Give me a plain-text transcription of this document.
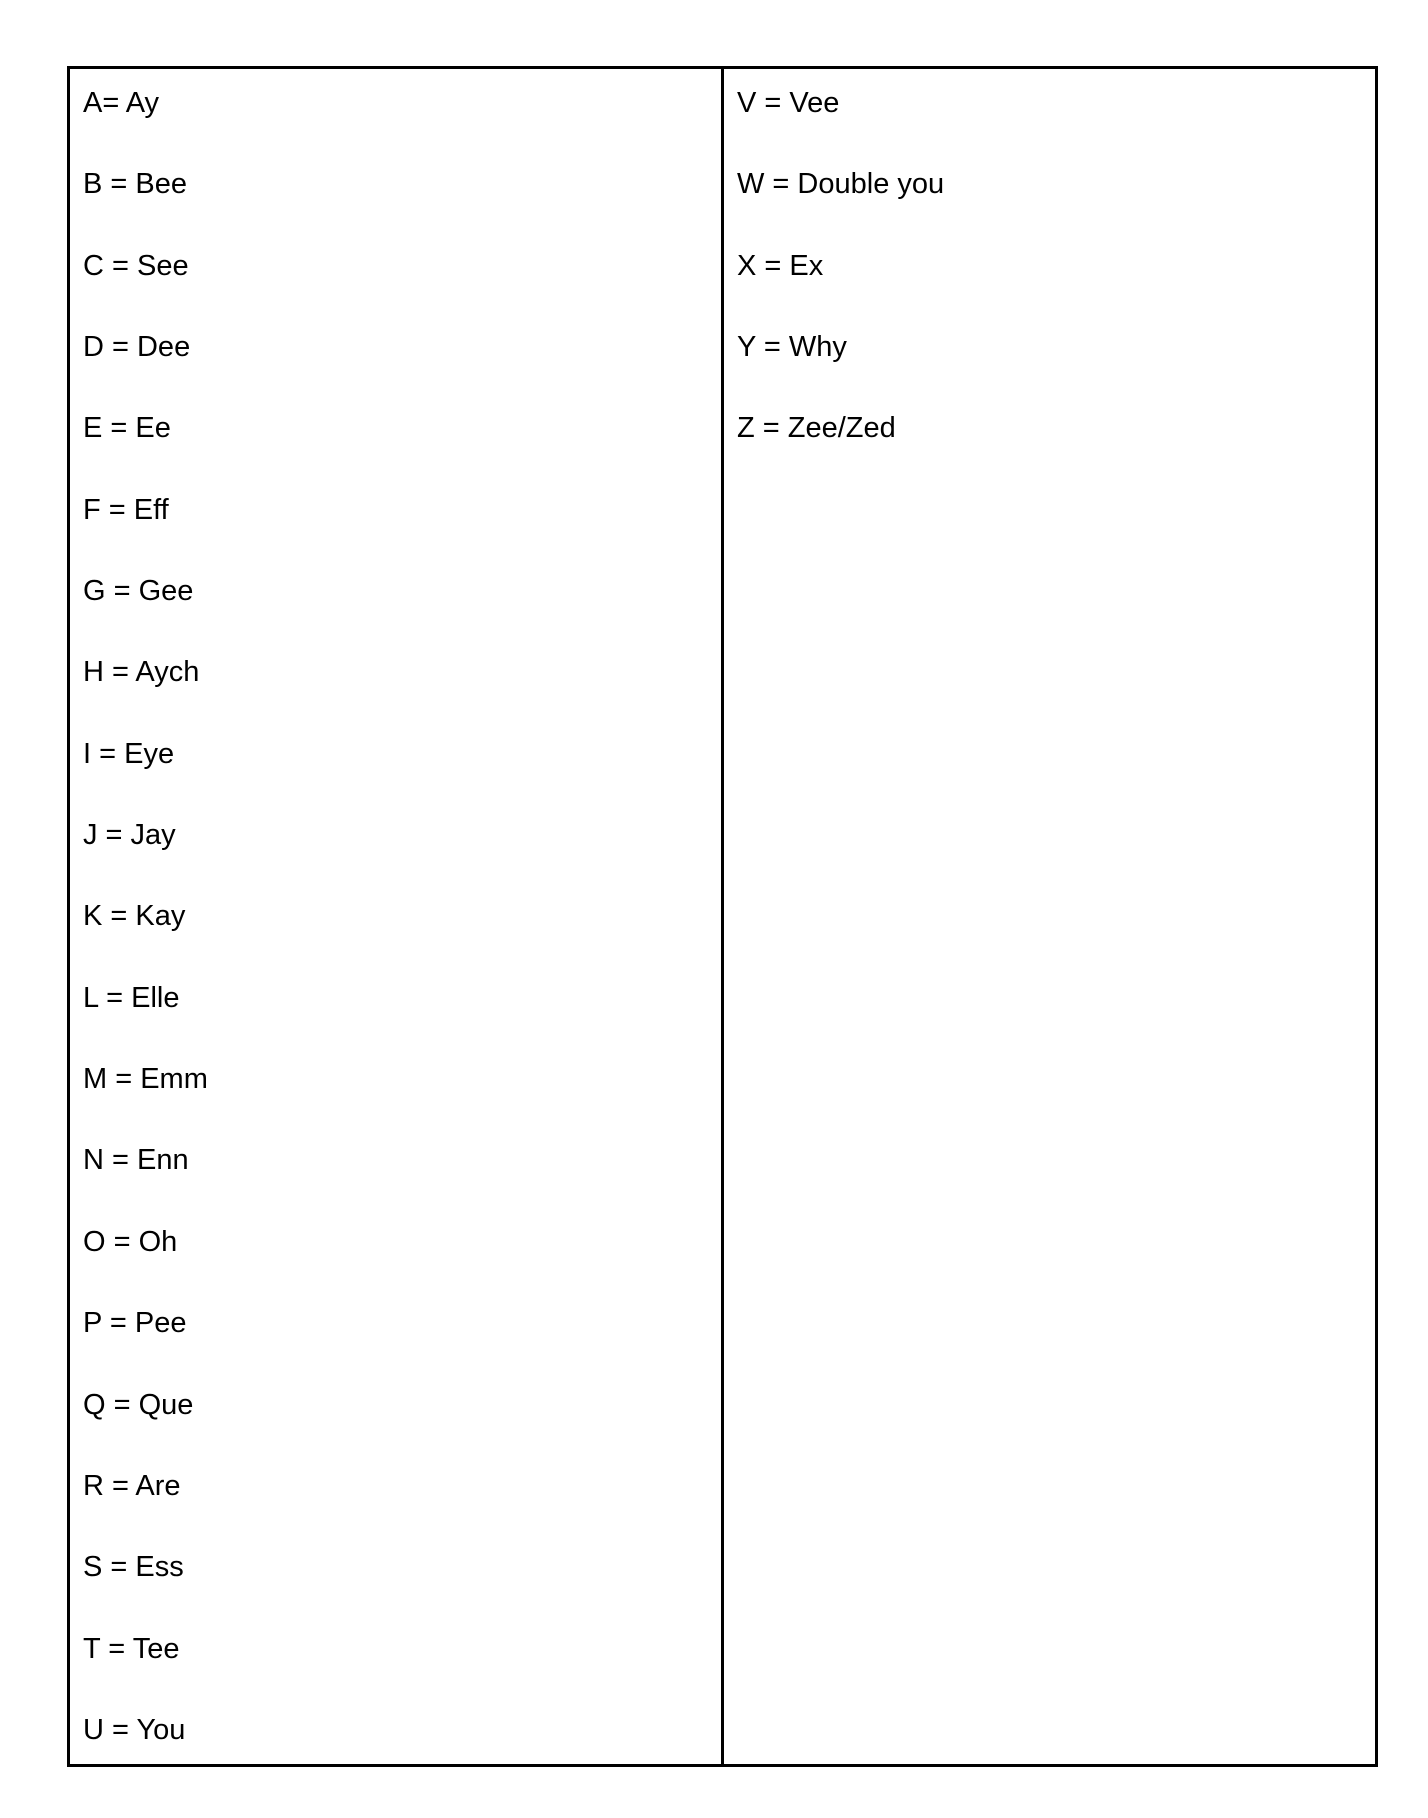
A= Ay
B = Bee
C = See
D = Dee
E = Ee
F = Eff
G = Gee
H = Aych
I = Eye
J = Jay
K = Kay
L = Elle
M = Emm
N = Enn
O = Oh
P = Pee
Q = Que
R = Are
S = Ess
T = Tee
U = You
V = Vee
W = Double you
X = Ex
Y = Why
Z = Zee/Zed
